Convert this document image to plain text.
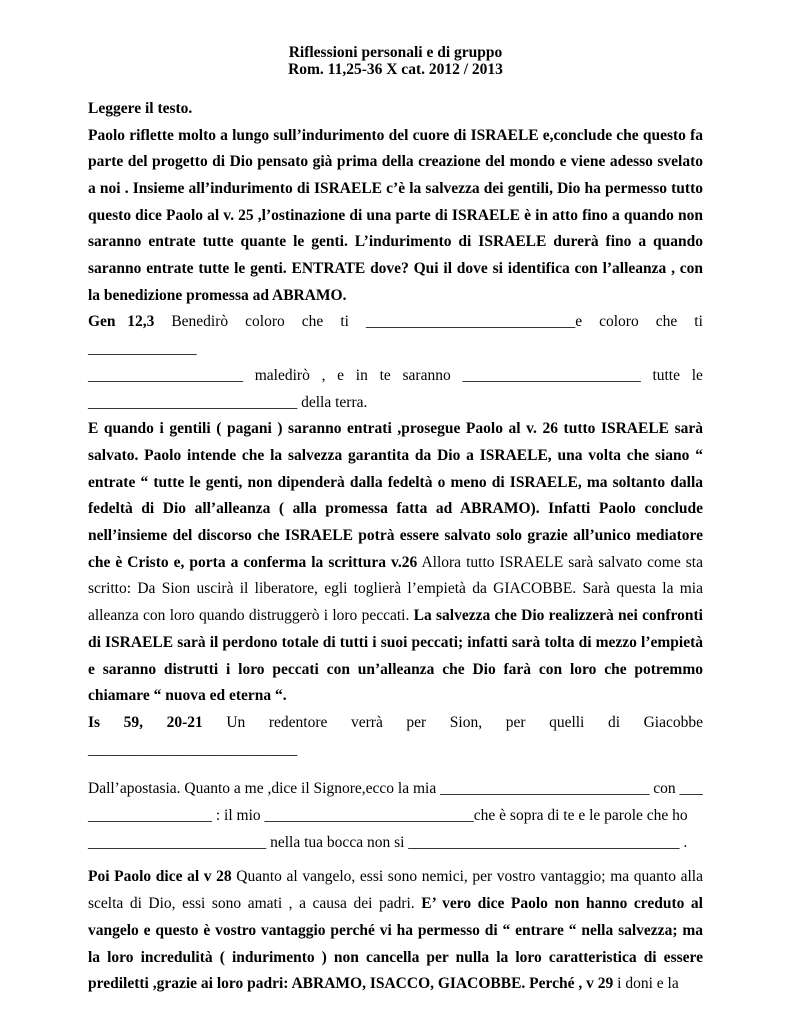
Riflessioni personali e di gruppo
Rom. 11,25-36 X cat. 2012 / 2013
Leggere il testo.

Paolo riflette molto a lungo sull’indurimento del cuore di ISRAELE e,conclude che questo fa parte del progetto di Dio pensato già prima della creazione del mondo e viene adesso svelato a noi . Insieme all’indurimento di ISRAELE c’è la salvezza dei gentili, Dio ha permesso tutto questo dice Paolo al v. 25 ,l’ostinazione di una parte di ISRAELE è in atto fino a quando non saranno entrate tutte quante le genti. L’indurimento di ISRAELE durerà fino a quando saranno entrate tutte le genti. ENTRATE dove? Qui il dove si identifica con l’alleanza , con la benedizione promessa ad ABRAMO.

Gen 12,3 Benedirò coloro che ti ___________________________e coloro che ti
______________
____________________ maledirò , e in te saranno _______________________ tutte le
___________________________ della terra.

E quando i gentili ( pagani ) saranno entrati ,prosegue Paolo al v. 26 tutto ISRAELE sarà salvato. Paolo intende che la salvezza garantita da Dio a ISRAELE, una volta che siano “ entrate “ tutte le genti, non dipenderà dalla fedeltà o meno di ISRAELE, ma soltanto dalla fedeltà di Dio all’alleanza ( alla promessa fatta ad ABRAMO). Infatti Paolo conclude nell’insieme del discorso che ISRAELE potrà essere salvato solo grazie all’unico mediatore che è Cristo e, porta a conferma la scrittura v.26 Allora tutto ISRAELE sarà salvato come sta scritto: Da Sion uscirà il liberatore, egli toglierà l’empietà da GIACOBBE. Sarà questa la mia alleanza con loro quando distruggerò i loro peccati. La salvezza che Dio realizzerà nei confronti di ISRAELE sarà il perdono totale di tutti i suoi peccati; infatti sarà tolta di mezzo l’empietà e saranno distrutti i loro peccati con un’alleanza che Dio farà con loro che potremmo chiamare “ nuova ed eterna “.

Is 59, 20-21 Un redentore verrà per Sion, per quelli di Giacobbe
___________________________
Dall’apostasia. Quanto a me ,dice il Signore,ecco la mia ___________________________ con ___
________________ : il mio ___________________________che è sopra di te e le parole che ho
_______________________ nella tua bocca non si ___________________________________ .

Poi Paolo dice al v 28 Quanto al vangelo, essi sono nemici, per vostro vantaggio; ma quanto alla scelta di Dio, essi sono amati , a causa dei padri. E’ vero dice Paolo non hanno creduto al vangelo e questo è vostro vantaggio perché vi ha permesso di “ entrare “ nella salvezza; ma la loro incredulità ( indurimento ) non cancella per nulla la loro caratteristica di essere prediletti ,grazie ai loro padri: ABRAMO, ISACCO, GIACOBBE. Perché , v 29 i doni e la
